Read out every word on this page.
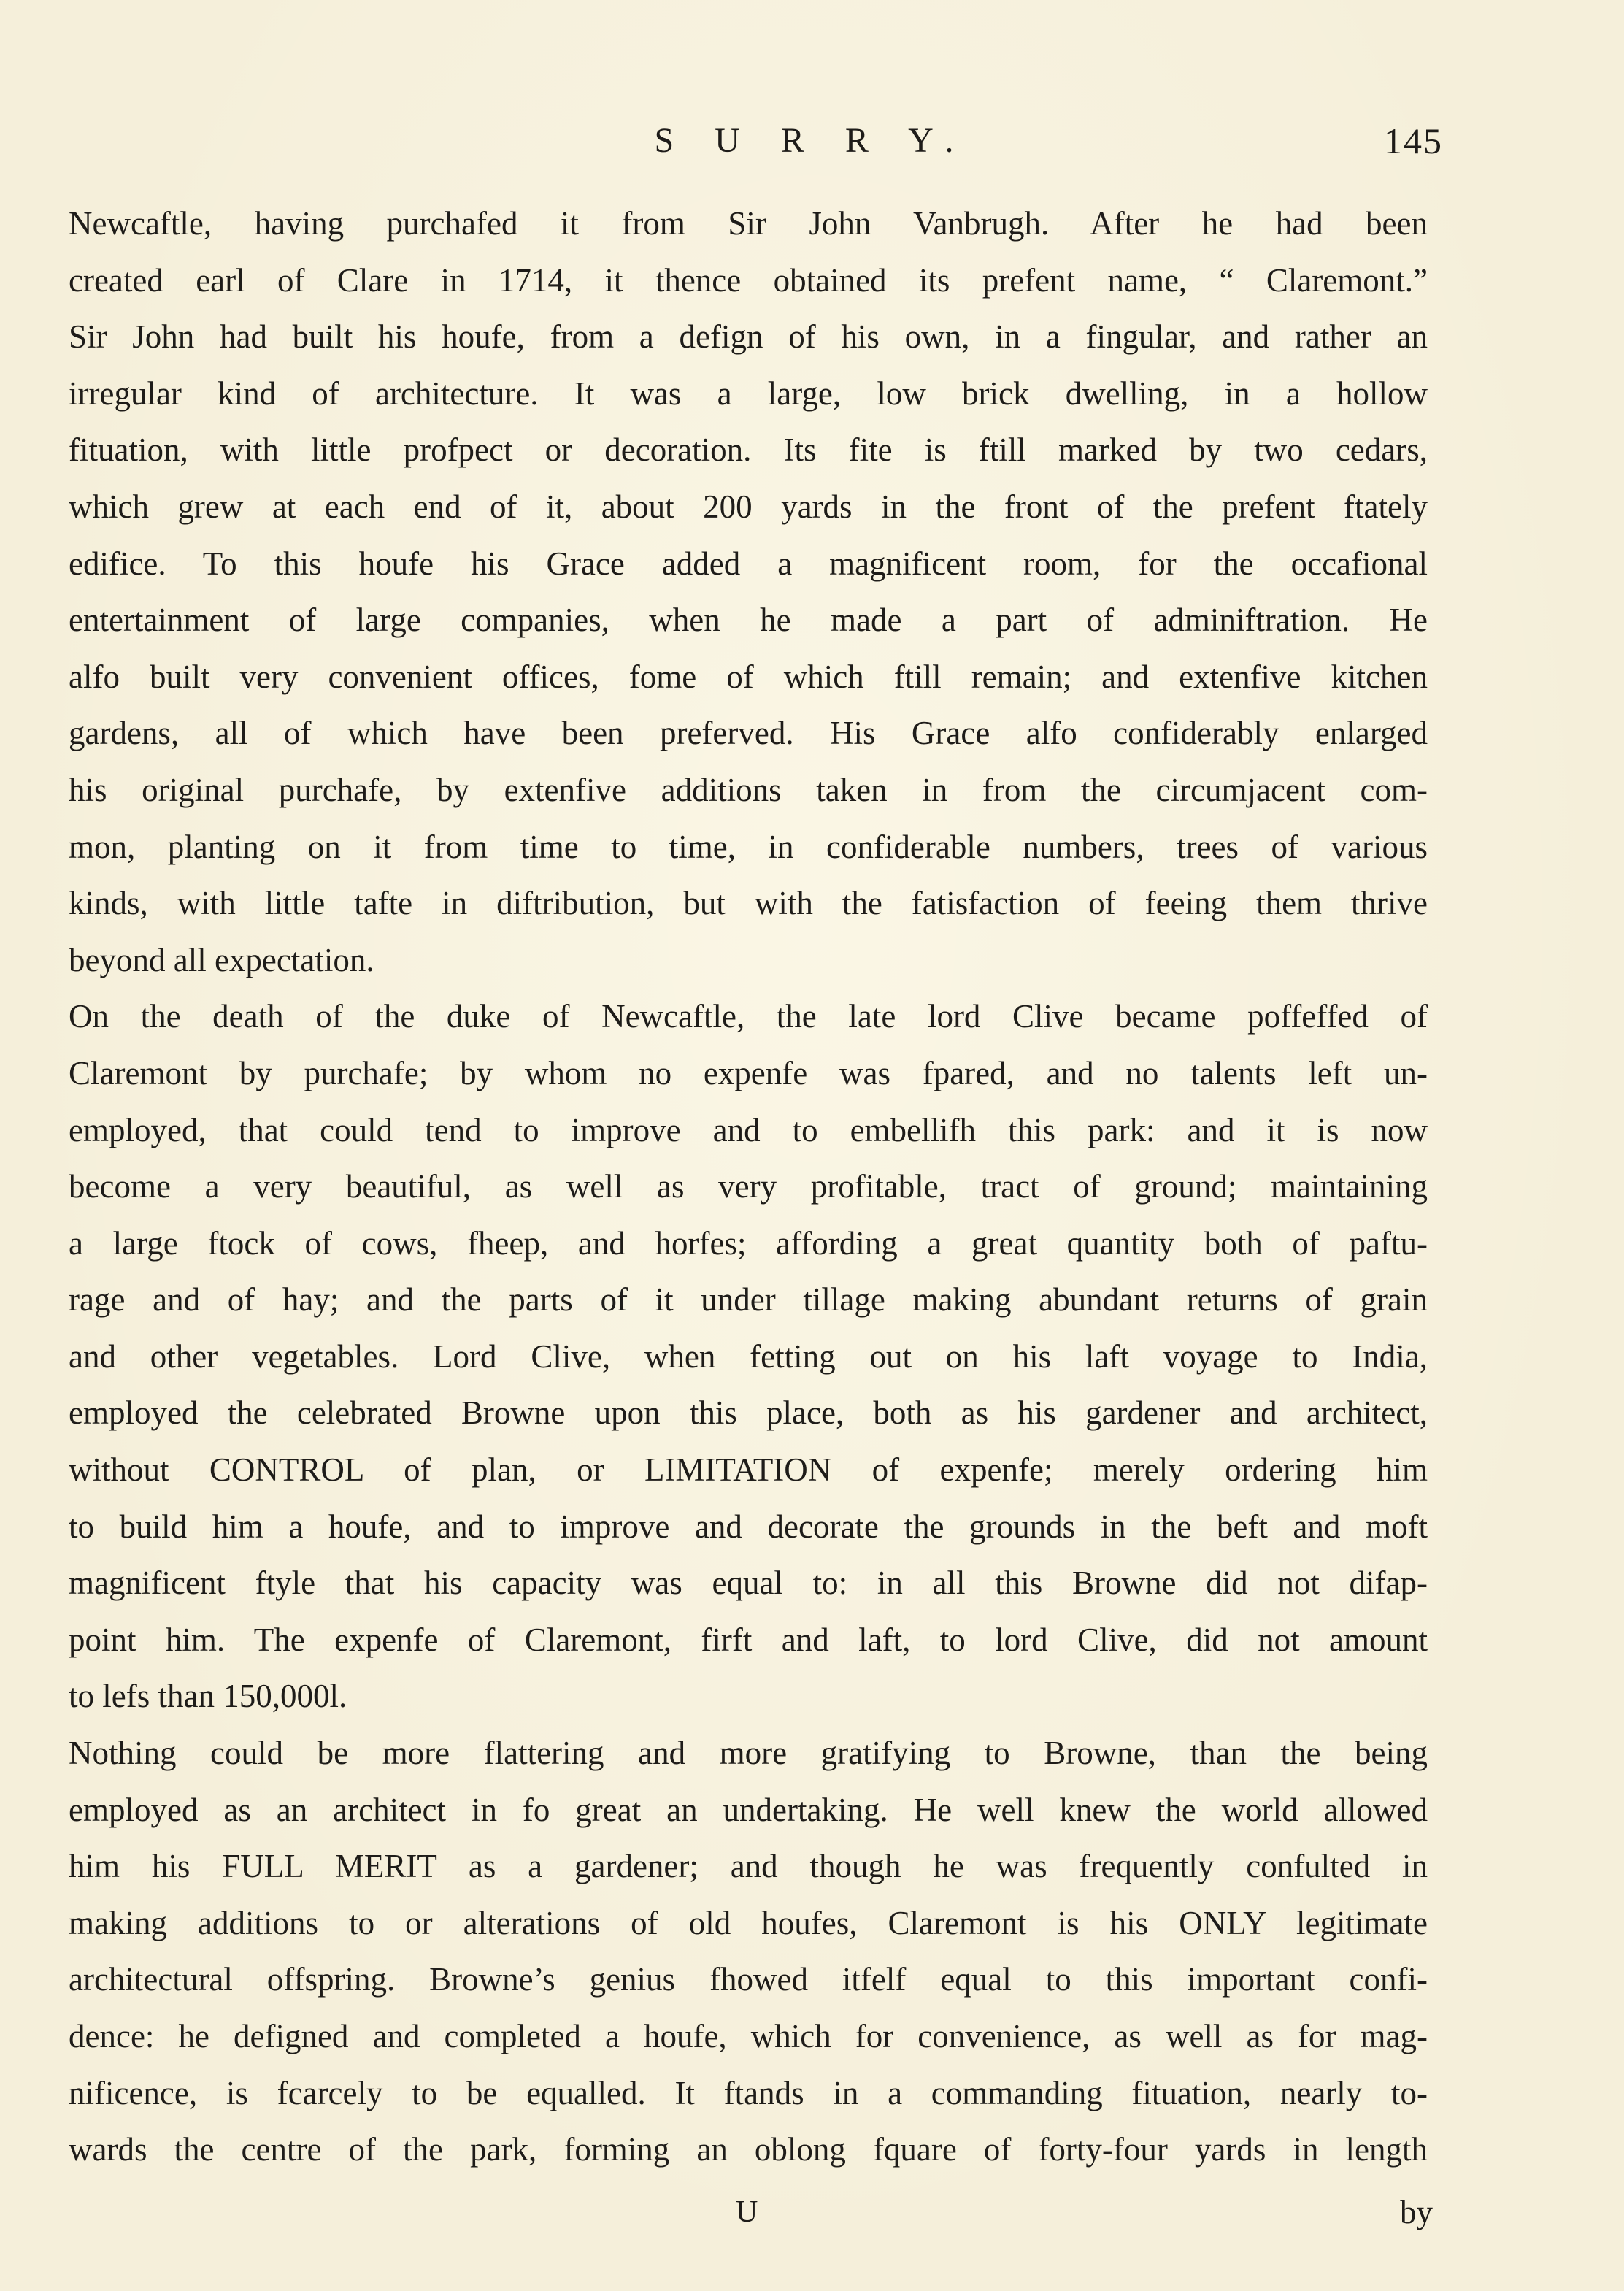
S U R R Y.	145
Newcaftle, having purchafed it from Sir John Vanbrugh. After he had been
created earl of Clare in 1714, it thence obtained its prefent name, “ Claremont.”
Sir John had built his houfe, from a defign of his own, in a fingular, and rather an
irregular kind of architecture. It was a large, low brick dwelling, in a hollow
fituation, with little profpect or decoration. Its fite is ftill marked by two cedars,
which grew at each end of it, about 200 yards in the front of the prefent ftately
edifice. To this houfe his Grace added a magnificent room, for the occafional
entertainment of large companies, when he made a part of adminiftration. He
alfo built very convenient offices, fome of which ftill remain; and extenfive kitchen
gardens, all of which have been preferved. His Grace alfo confiderably enlarged
his original purchafe, by extenfive additions taken in from the circumjacent com-
mon, planting on it from time to time, in confiderable numbers, trees of various
kinds, with little tafte in diftribution, but with the fatisfaction of feeing them thrive
beyond all expectation.
On the death of the duke of Newcaftle, the late lord Clive became poffeffed of
Claremont by purchafe; by whom no expenfe was fpared, and no talents left un-
employed, that could tend to improve and to embellifh this park: and it is now
become a very beautiful, as well as very profitable, tract of ground; maintaining
a large ftock of cows, fheep, and horfes; affording a great quantity both of paftu-
rage and of hay; and the parts of it under tillage making abundant returns of grain
and other vegetables. Lord Clive, when fetting out on his laft voyage to India,
employed the celebrated Browne upon this place, both as his gardener and architect,
without CONTROL of plan, or LIMITATION of expenfe; merely ordering him
to build him a houfe, and to improve and decorate the grounds in the beft and moft
magnificent ftyle that his capacity was equal to: in all this Browne did not difap-
point him. The expenfe of Claremont, firft and laft, to lord Clive, did not amount
to lefs than 150,000l.
Nothing could be more flattering and more gratifying to Browne, than the being
employed as an architect in fo great an undertaking. He well knew the world allowed
him his FULL MERIT as a gardener; and though he was frequently confulted in
making additions to or alterations of old houfes, Claremont is his ONLY legitimate
architectural offspring. Browne’s genius fhowed itfelf equal to this important confi-
dence: he defigned and completed a houfe, which for convenience, as well as for mag-
nificence, is fcarcely to be equalled. It ftands in a commanding fituation, nearly to-
wards the centre of the park, forming an oblong fquare of forty-four yards in length
U	by
